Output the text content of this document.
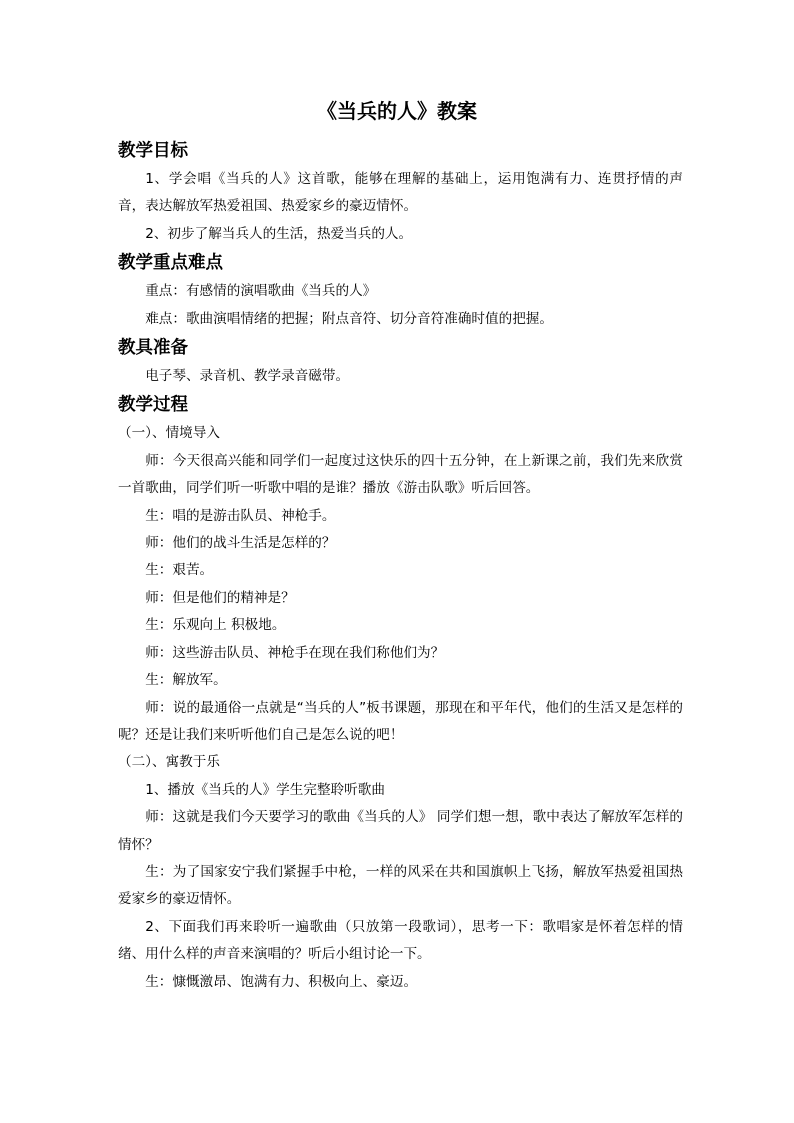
《当兵的人》教案
教学目标

1、学会唱《当兵的人》这首歌，能够在理解的基础上，运用饱满有力、连贯抒情的声音，表达解放军热爱祖国、热爱家乡的豪迈情怀。

2、初步了解当兵人的生活，热爱当兵的人。

教学重点难点

重点：有感情的演唱歌曲《当兵的人》

难点：歌曲演唱情绪的把握；附点音符、切分音符准确时值的把握。

教具准备

电子琴、录音机、教学录音磁带。

教学过程

（一）、情境导入

师：今天很高兴能和同学们一起度过这快乐的四十五分钟，在上新课之前，我们先来欣赏一首歌曲，同学们听一听歌中唱的是谁？播放《游击队歌》听后回答。

生：唱的是游击队员、神枪手。

师：他们的战斗生活是怎样的？

生：艰苦。

师：但是他们的精神是？

生：乐观向上 积极地。

师：这些游击队员、神枪手在现在我们称他们为？

生：解放军。

师：说的最通俗一点就是“当兵的人”板书课题，那现在和平年代，他们的生活又是怎样的呢？还是让我们来听听他们自己是怎么说的吧！

（二）、寓教于乐

1、播放《当兵的人》学生完整聆听歌曲

师：这就是我们今天要学习的歌曲《当兵的人》 同学们想一想，歌中表达了解放军怎样的情怀？

生：为了国家安宁我们紧握手中枪，一样的风采在共和国旗帜上飞扬，解放军热爱祖国热爱家乡的豪迈情怀。

2、下面我们再来聆听一遍歌曲（只放第一段歌词），思考一下：歌唱家是怀着怎样的情绪、用什么样的声音来演唱的？听后小组讨论一下。

生：慷慨激昂、饱满有力、积极向上、豪迈。
